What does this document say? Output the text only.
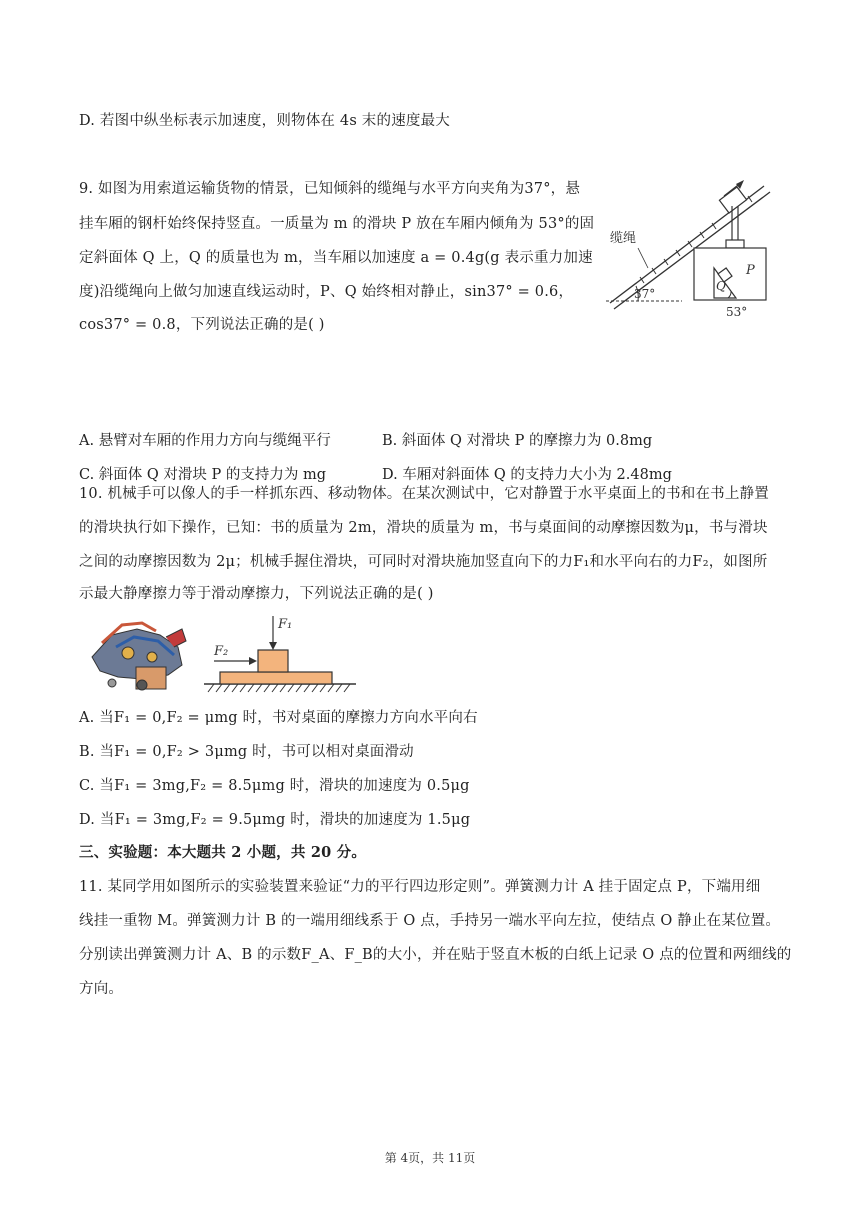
D. 若图中纵坐标表示加速度，则物体在 4s 末的速度最大

9. 如图为用索道运输货物的情景，已知倾斜的缆绳与水平方向夹角为37°，悬

挂车厢的钢杆始终保持竖直。一质量为 m 的滑块 P 放在车厢内倾角为 53°的固

定斜面体 Q 上，Q 的质量也为 m，当车厢以加速度 a = 0.4g(g 表示重力加速

度)沿缆绳向上做匀加速直线运动时，P、Q 始终相对静止，sin37° = 0.6，

cos37° = 0.8，下列说法正确的是( )

缆绳
37°
53°
P
Q

A. 悬臂对车厢的作用力方向与缆绳平行	B. 斜面体 Q 对滑块 P 的摩擦力为 0.8mg

C. 斜面体 Q 对滑块 P 的支持力为 mg	D. 车厢对斜面体 Q 的支持力大小为 2.48mg

10. 机械手可以像人的手一样抓东西、移动物体。在某次测试中，它对静置于水平桌面上的书和在书上静置

的滑块执行如下操作，已知：书的质量为 2m，滑块的质量为 m，书与桌面间的动摩擦因数为μ，书与滑块

之间的动摩擦因数为 2μ；机械手握住滑块，可同时对滑块施加竖直向下的力F₁和水平向右的力F₂，如图所

示最大静摩擦力等于滑动摩擦力，下列说法正确的是( )

F₁
F₂

A. 当F₁ = 0,F₂ = μmg 时，书对桌面的摩擦力方向水平向右

B. 当F₁ = 0,F₂ > 3μmg 时，书可以相对桌面滑动

C. 当F₁ = 3mg,F₂ = 8.5μmg 时，滑块的加速度为 0.5μg

D. 当F₁ = 3mg,F₂ = 9.5μmg 时，滑块的加速度为 1.5μg

三、实验题：本大题共 2 小题，共 20 分。

11. 某同学用如图所示的实验装置来验证“力的平行四边形定则”。弹簧测力计 A 挂于固定点 P，下端用细

线挂一重物 M。弹簧测力计 B 的一端用细线系于 O 点，手持另一端水平向左拉，使结点 O 静止在某位置。

分别读出弹簧测力计 A、B 的示数F_A、F_B的大小，并在贴于竖直木板的白纸上记录 O 点的位置和两细线的

方向。

第 4页，共 11页
